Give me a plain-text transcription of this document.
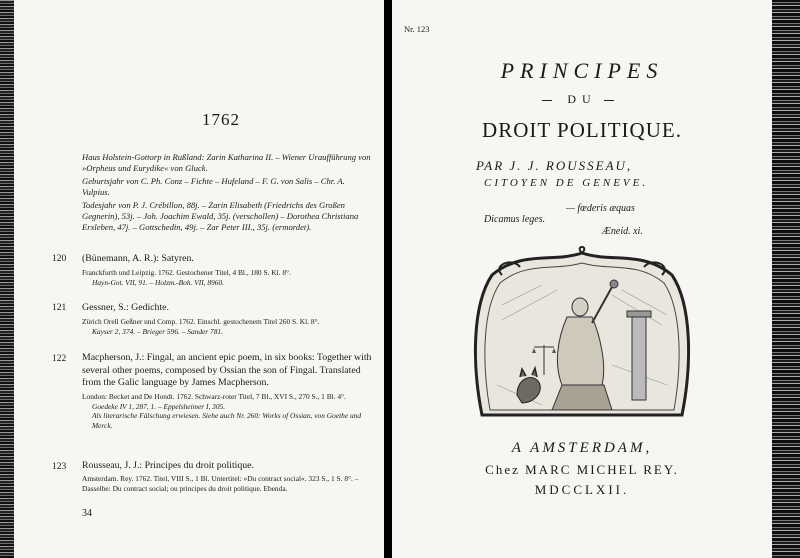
1762
Haus Holstein-Gottorp in Rußland: Zarin Katharina II. – Wiener Uraufführung von »Orpheus und Eurydike« von Gluck.
Geburtsjahr von C. Ph. Conz – Fichte – Hufeland – F. G. von Salis – Chr. A. Vulpius.
Todesjahr von P. J. Crébillon, 88j. – Zarin Elisabeth (Friedrichs des Großen Gegnerin), 53j. – Joh. Joachim Ewald, 35j. (verschollen) – Dorothea Christiana Erxleben, 47j. – Gottschedin, 49j. – Zar Peter III., 35j. (ermordet).
120 (Bünemann, A. R.): Satyren.
Franckfurth und Leipzig. 1762. Gestochener Titel, 4 Bl., 180 S. Kl. 8°.
Hayn-Got. VII, 91. – Holzm.-Boh. VII, 8960.
121 Gessner, S.: Gedichte.
Zürich Orell Geßner und Comp. 1762. Einschl. gestochenem Titel 260 S. Kl. 8°.
Kayser 2, 374. – Brieger 596. – Sander 781.
122 Macpherson, J.: Fingal, an ancient epic poem, in six books: Together with several other poems, composed by Ossian the son of Fingal. Translated from the Galic language by James Macpherson.
London: Becket and De Hondt. 1762. Schwarz-roter Titel, 7 Bl., XVI S., 270 S., 1 Bl. 4°.
Goedeke IV 1, 287, 1. – Eppelsheimer I, 305.
Als literarische Fälschung erwiesen. Siehe auch Nr. 260: Works of Ossian, von Goethe und Merck.
123 Rousseau, J. J.: Principes du droit politique.
Amsterdam. Rey. 1762. Titel, VIII S., 1 Bl. Untertitel: »Du contract social«. 323 S., 1 S. 8°. – Dasselbe: Du contract social; ou principes du droit politique. Ebenda.
34
Nr. 123
PRINCIPES
DU
DROIT POLITIQUE.
PAR J. J. ROUSSEAU,
CITOYEN DE GENEVE.
— fœderis æquas
Dicamus leges.
Æneid. xi.
A AMSTERDAM,
Chez MARC MICHEL REY.
MDCCLXII.
